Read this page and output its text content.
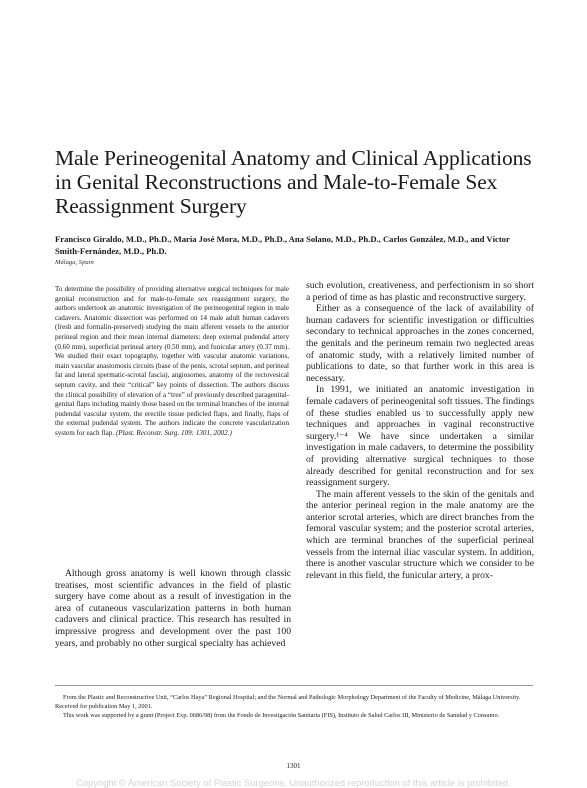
Male Perineogenital Anatomy and Clinical Applications in Genital Reconstructions and Male-to-Female Sex Reassignment Surgery

Francisco Giraldo, M.D., Ph.D., María José Mora, M.D., Ph.D., Ana Solano, M.D., Ph.D., Carlos González, M.D., and Víctor Smith-Fernández, M.D., Ph.D.

Málaga, Spain

To determine the possibility of providing alternative surgical techniques for male genital reconstruction and for male-to-female sex reassignment surgery, the authors undertook an anatomic investigation of the perineogenital region in male cadavers. Anatomic dissection was performed on 14 male adult human cadavers (fresh and formalin-preserved) studying the main afferent vessels to the anterior perineal region and their mean internal diameters: deep external pudendal artery (0.60 mm), superficial perineal artery (0.50 mm), and funicular artery (0.37 mm). We studied their exact topography, together with vascular anatomic variations, main vascular anastomosis circuits (base of the penis, scrotal septum, and perineal fat and lateral spermatic-scrotal fascia), angiosomes, anatomy of the rectovesical septum cavity, and their “critical” key points of dissection. The authors discuss the clinical possibility of elevation of a “tree” of previously described paragenital-genital flaps including mainly those based on the terminal branches of the internal pudendal vascular system, the erectile tissue pedicled flaps, and finally, flaps of the external pudendal system. The authors indicate the concrete vascularization system for each flap. (Plast. Reconstr. Surg. 109: 1301, 2002.)

Although gross anatomy is well known through classic treatises, most scientific advances in the field of plastic surgery have come about as a result of investigation in the area of cutaneous vascularization patterns in both human cadavers and clinical practice. This research has resulted in impressive progress and development over the past 100 years, and probably no other surgical specialty has achieved

such evolution, creativeness, and perfectionism in so short a period of time as has plastic and reconstructive surgery.

Either as a consequence of the lack of availability of human cadavers for scientific investigation or difficulties secondary to technical approaches in the zones concerned, the genitals and the perineum remain two neglected areas of anatomic study, with a relatively limited number of publications to date, so that further work in this area is necessary.

In 1991, we initiated an anatomic investigation in female cadavers of perineogenital soft tissues. The findings of these studies enabled us to successfully apply new techniques and approaches in vaginal reconstructive surgery.¹⁻⁴ We have since undertaken a similar investigation in male cadavers, to determine the possibility of providing alternative surgical techniques to those already described for genital reconstruction and for sex reassignment surgery.

The main afferent vessels to the skin of the genitals and the anterior perineal region in the male anatomy are the anterior scrotal arteries, which are direct branches from the femoral vascular system; and the posterior scrotal arteries, which are terminal branches of the superficial perineal vessels from the internal iliac vascular system. In addition, there is another vascular structure which we consider to be relevant in this field, the funicular artery, a prox-

From the Plastic and Reconstructive Unit, “Carlos Haya” Regional Hospital; and the Normal and Pathologic Morphology Department of the Faculty of Medicine, Málaga University. Received for publication May 1, 2001.

This work was supported by a grant (Project Exp. 0686/98) from the Fondo de Investigación Sanitaria (FIS), Instituto de Salud Carlos III, Ministerio de Sanidad y Consumo.

1301
Copyright © American Society of Plastic Surgeons. Unauthorized reproduction of this article is prohibited.
